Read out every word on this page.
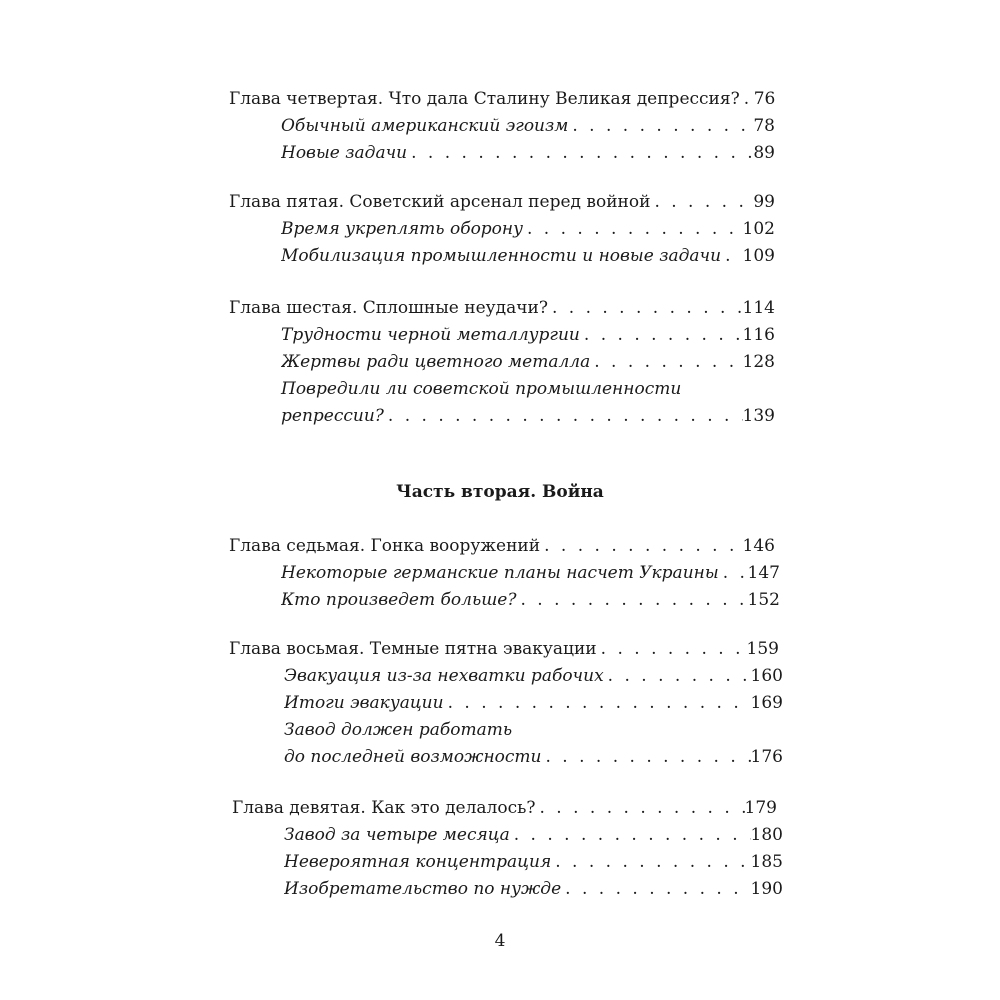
Глава четвертая. Что дала Сталину Великая депрессия? . . . 76
Обычный американский эгоизм . . .	78
Новые задачи . . .	89
Глава пятая. Советский арсенал перед войной . . .	99
Время укреплять оборону . . .	102
Мобилизация промышленности и новые задачи . . . 109
Глава шестая. Сплошные неудачи? . . .	114
Трудности черной металлургии . . .	116
Жертвы ради цветного металла . . .	128
Повредили ли советской промышленности
репрессии? . . .	139
Часть вторая. Война
Глава седьмая. Гонка вооружений . . .	146
Некоторые германские планы насчет Украины . . . 147
Кто произведет больше? . . .	152
Глава восьмая. Темные пятна эвакуации . . .	159
Эвакуация из-за нехватки рабочих . . .	160
Итоги эвакуации . . .	169
Завод должен работать
до последней возможности . . .	176
Глава девятая. Как это делалось? . . .	179
Завод за четыре месяца . . .	180
Невероятная концентрация . . .	185
Изобретательство по нужде . . .	190
4
